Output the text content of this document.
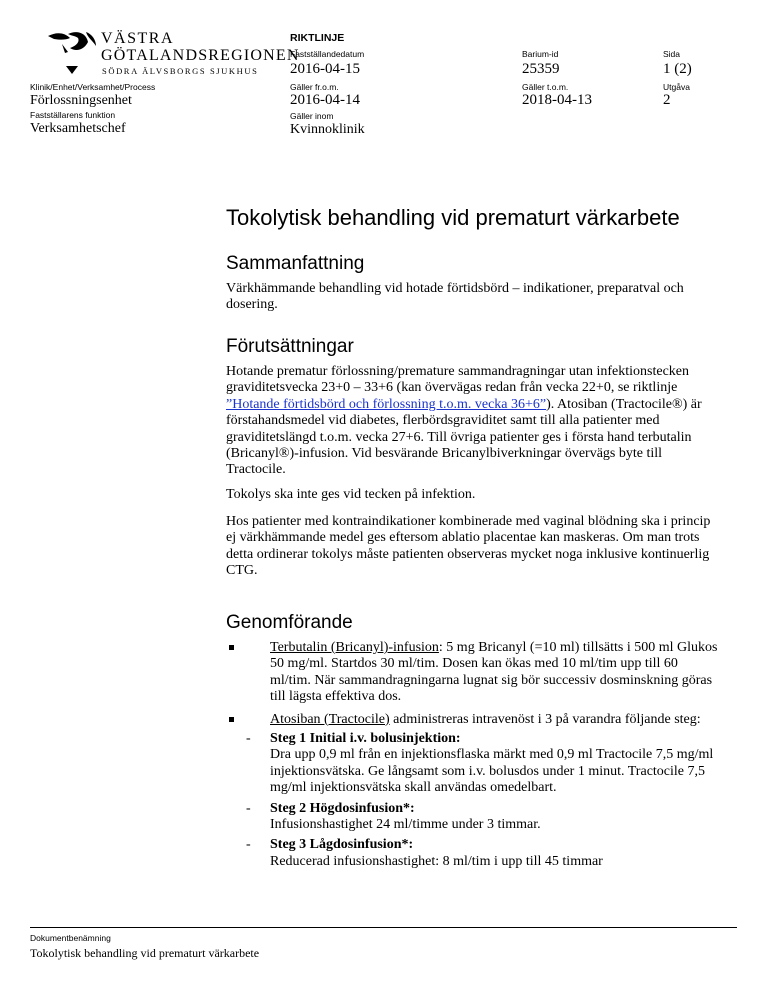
VÄSTRA
GÖTALANDSREGIONEN
SÖDRA ÄLVSBORGS SJUKHUS
RIKTLINJE
Klinik/Enhet/Verksamhet/Process
Förlossningsenhet
Fastställarens funktion
Verksamhetschef
Fastställandedatum
2016-04-15
Gäller fr.o.m.
2016-04-14
Gäller inom
Kvinnoklinik
Barium-id
25359
Gäller t.o.m.
2018-04-13
Sida
1 (2)
Utgåva
2
Tokolytisk behandling vid prematurt värkarbete
Sammanfattning

Värkhämmande behandling vid hotade förtidsbörd – indikationer, preparatval och dosering.

Förutsättningar

Hotande prematur förlossning/premature sammandragningar utan infektionstecken graviditetsvecka 23+0 – 33+6 (kan övervägas redan från vecka 22+0, se riktlinje ”Hotande förtidsbörd och förlossning t.o.m. vecka 36+6”). Atosiban (Tractocile®) är förstahandsmedel vid diabetes, flerbördsgraviditet samt till alla patienter med graviditetslängd t.o.m. vecka 27+6. Till övriga patienter ges i första hand terbutalin (Bricanyl®)-infusion. Vid besvärande Bricanylbiverkningar övervägs byte till Tractocile.

Tokolys ska inte ges vid tecken på infektion.

Hos patienter med kontraindikationer kombinerade med vaginal blödning ska i princip ej värkhämmande medel ges eftersom ablatio placentae kan maskeras. Om man trots detta ordinerar tokolys måste patienten observeras mycket noga inklusive kontinuerlig CTG.

Genomförande
Terbutalin (Bricanyl)-infusion: 5 mg Bricanyl (=10 ml) tillsätts i 500 ml Glukos 50 mg/ml. Startdos 30 ml/tim. Dosen kan ökas med 10 ml/tim upp till 60 ml/tim. När sammandragningarna lugnat sig bör successiv dosminskning göras till lägsta effektiva dos.
Atosiban (Tractocile) administreras intravenöst i 3 på varandra följande steg:
- Steg 1 Initial i.v. bolusinjektion:
Dra upp 0,9 ml från en injektionsflaska märkt med 0,9 ml Tractocile 7,5 mg/ml injektionsvätska. Ge långsamt som i.v. bolusdos under 1 minut. Tractocile 7,5 mg/ml injektionsvätska skall användas omedelbart.
- Steg 2 Högdosinfusion*:
Infusionshastighet 24 ml/timme under 3 timmar.
- Steg 3 Lågdosinfusion*:
Reducerad infusionshastighet: 8 ml/tim i upp till 45 timmar
Dokumentbenämning
Tokolytisk behandling vid prematurt värkarbete
